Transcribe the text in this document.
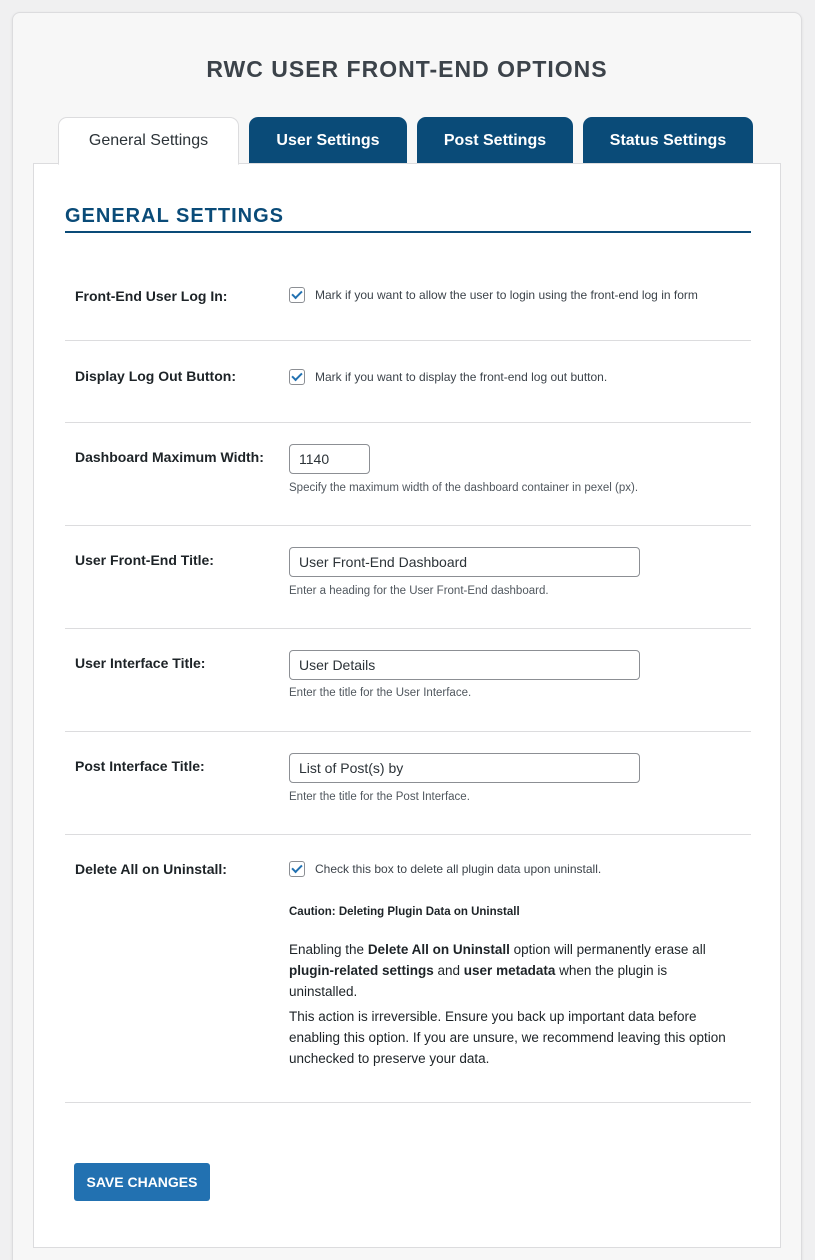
RWC USER FRONT-END OPTIONS
General Settings	User Settings	Post Settings	Status Settings
GENERAL SETTINGS
Front-End User Log In:	Mark if you want to allow the user to login using the front-end log in form
Display Log Out Button:	Mark if you want to display the front-end log out button.
Dashboard Maximum Width:
1140
Specify the maximum width of the dashboard container in pexel (px).
User Front-End Title:
User Front-End Dashboard
Enter a heading for the User Front-End dashboard.
User Interface Title:
User Details
Enter the title for the User Interface.
Post Interface Title:
List of Post(s) by
Enter the title for the Post Interface.
Delete All on Uninstall:	Check this box to delete all plugin data upon uninstall.
Caution: Deleting Plugin Data on Uninstall

Enabling the Delete All on Uninstall option will permanently erase all plugin-related settings and user metadata when the plugin is uninstalled.

This action is irreversible. Ensure you back up important data before enabling this option. If you are unsure, we recommend leaving this option unchecked to preserve your data.

SAVE CHANGES
